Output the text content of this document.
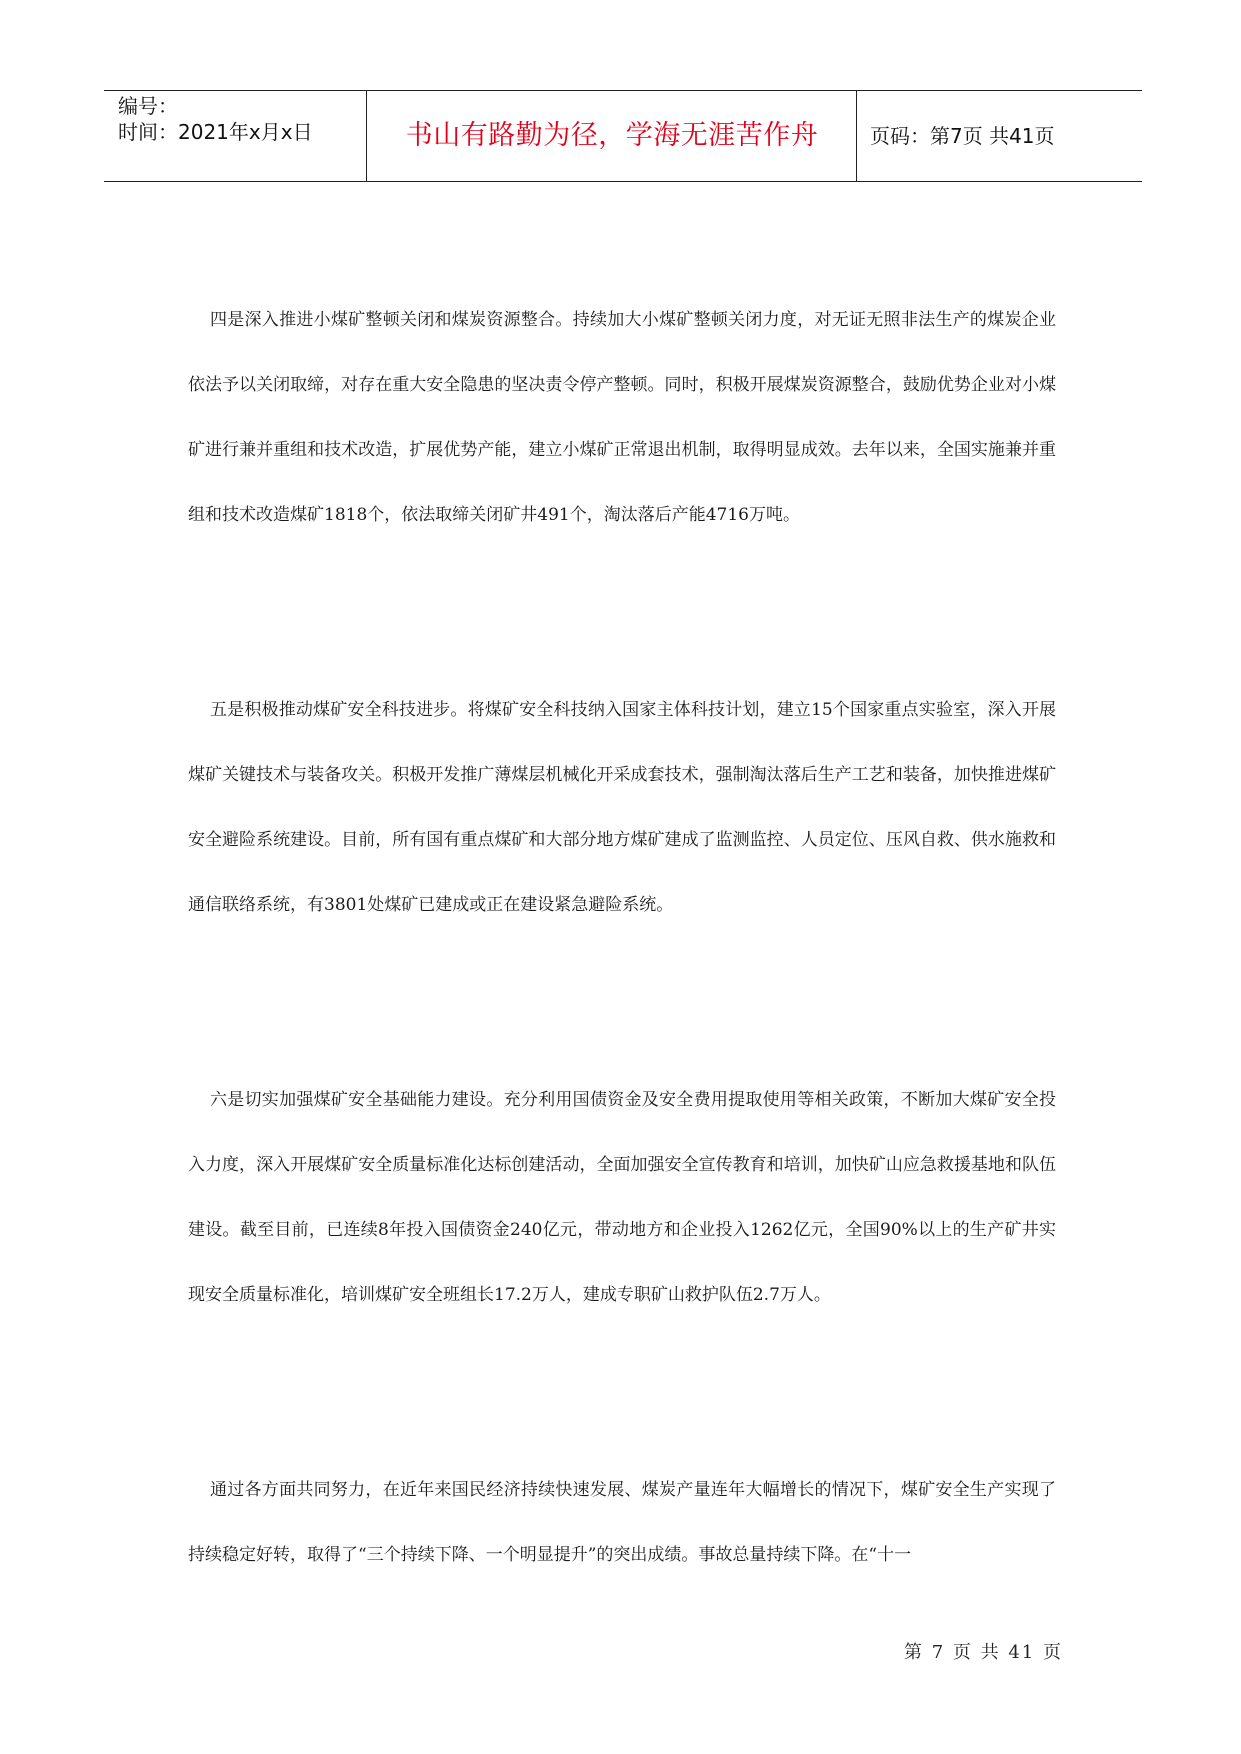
编号：
时间：2021年x月x日	书山有路勤为径，学海无涯苦作舟	页码：第7页 共41页

四是深入推进小煤矿整顿关闭和煤炭资源整合。持续加大小煤矿整顿关闭力度，对无证无照非法生产的煤炭企业依法予以关闭取缔，对存在重大安全隐患的坚决责令停产整顿。同时，积极开展煤炭资源整合，鼓励优势企业对小煤矿进行兼并重组和技术改造，扩展优势产能，建立小煤矿正常退出机制，取得明显成效。去年以来，全国实施兼并重组和技术改造煤矿1818个，依法取缔关闭矿井491个，淘汰落后产能4716万吨。

五是积极推动煤矿安全科技进步。将煤矿安全科技纳入国家主体科技计划，建立15个国家重点实验室，深入开展煤矿关键技术与装备攻关。积极开发推广薄煤层机械化开采成套技术，强制淘汰落后生产工艺和装备，加快推进煤矿安全避险系统建设。目前，所有国有重点煤矿和大部分地方煤矿建成了监测监控、人员定位、压风自救、供水施救和通信联络系统，有3801处煤矿已建成或正在建设紧急避险系统。

六是切实加强煤矿安全基础能力建设。充分利用国债资金及安全费用提取使用等相关政策，不断加大煤矿安全投入力度，深入开展煤矿安全质量标准化达标创建活动，全面加强安全宣传教育和培训，加快矿山应急救援基地和队伍建设。截至目前，已连续8年投入国债资金240亿元，带动地方和企业投入1262亿元，全国90%以上的生产矿井实现安全质量标准化，培训煤矿安全班组长17.2万人，建成专职矿山救护队伍2.7万人。

通过各方面共同努力，在近年来国民经济持续快速发展、煤炭产量连年大幅增长的情况下，煤矿安全生产实现了持续稳定好转，取得了“三个持续下降、一个明显提升”的突出成绩。事故总量持续下降。在“十一

第 7 页 共 41 页
